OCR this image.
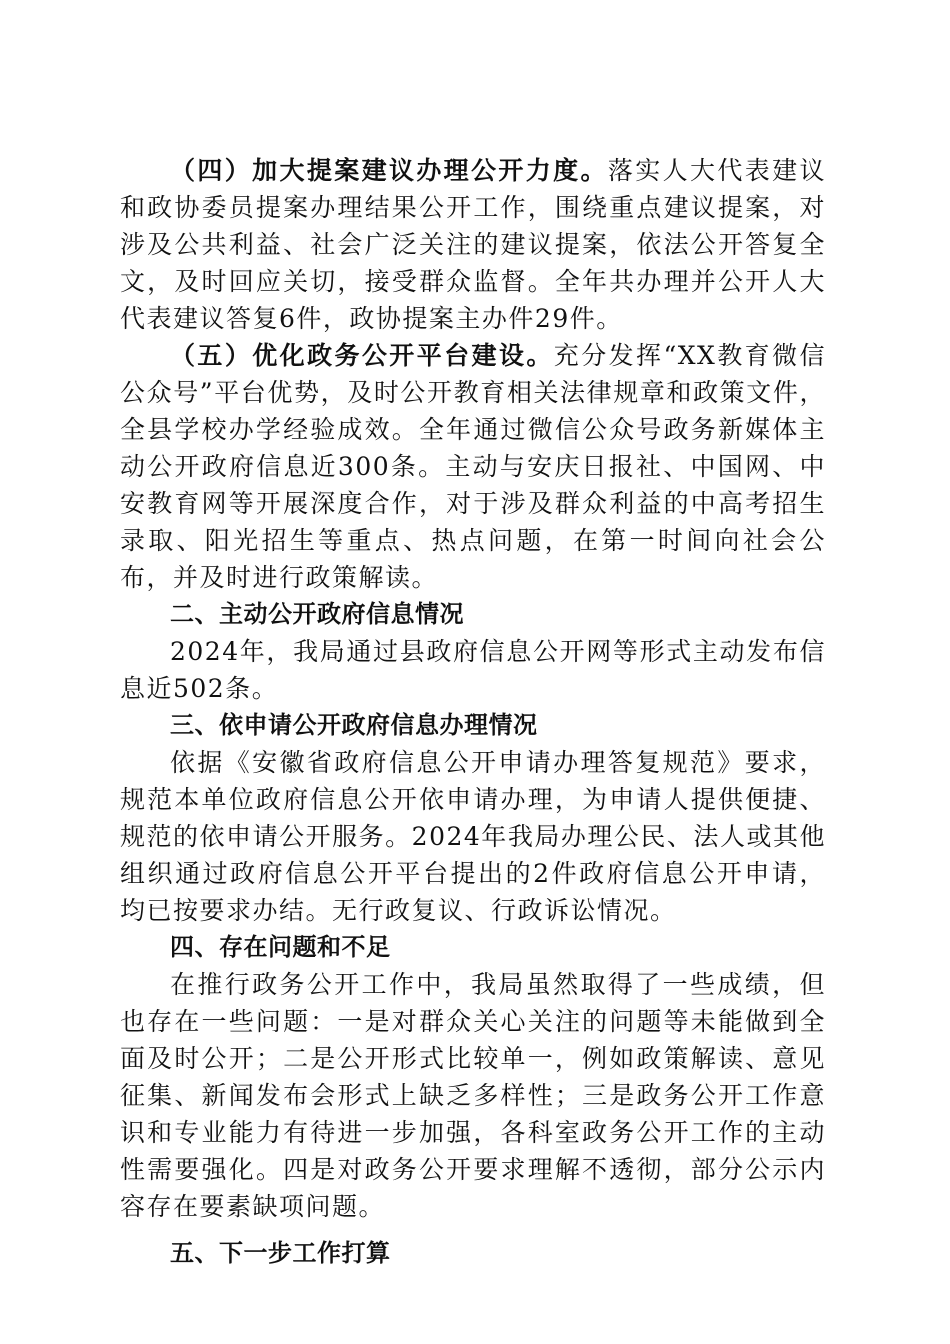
（四）加大提案建议办理公开力度。落实人大代表建议和政协委员提案办理结果公开工作，围绕重点建议提案，对涉及公共利益、社会广泛关注的建议提案，依法公开答复全文，及时回应关切，接受群众监督。全年共办理并公开人大代表建议答复6件，政协提案主办件29件。

（五）优化政务公开平台建设。充分发挥“XX教育微信公众号”平台优势，及时公开教育相关法律规章和政策文件，全县学校办学经验成效。全年通过微信公众号政务新媒体主动公开政府信息近300条。主动与安庆日报社、中国网、中安教育网等开展深度合作，对于涉及群众利益的中高考招生录取、阳光招生等重点、热点问题，在第一时间向社会公布，并及时进行政策解读。

二、主动公开政府信息情况

2024年，我局通过县政府信息公开网等形式主动发布信息近502条。

三、依申请公开政府信息办理情况

依据《安徽省政府信息公开申请办理答复规范》要求，规范本单位政府信息公开依申请办理，为申请人提供便捷、规范的依申请公开服务。2024年我局办理公民、法人或其他组织通过政府信息公开平台提出的2件政府信息公开申请，均已按要求办结。无行政复议、行政诉讼情况。

四、存在问题和不足

在推行政务公开工作中，我局虽然取得了一些成绩，但也存在一些问题：一是对群众关心关注的问题等未能做到全面及时公开；二是公开形式比较单一，例如政策解读、意见征集、新闻发布会形式上缺乏多样性；三是政务公开工作意识和专业能力有待进一步加强，各科室政务公开工作的主动性需要强化。四是对政务公开要求理解不透彻，部分公示内容存在要素缺项问题。

五、下一步工作打算
